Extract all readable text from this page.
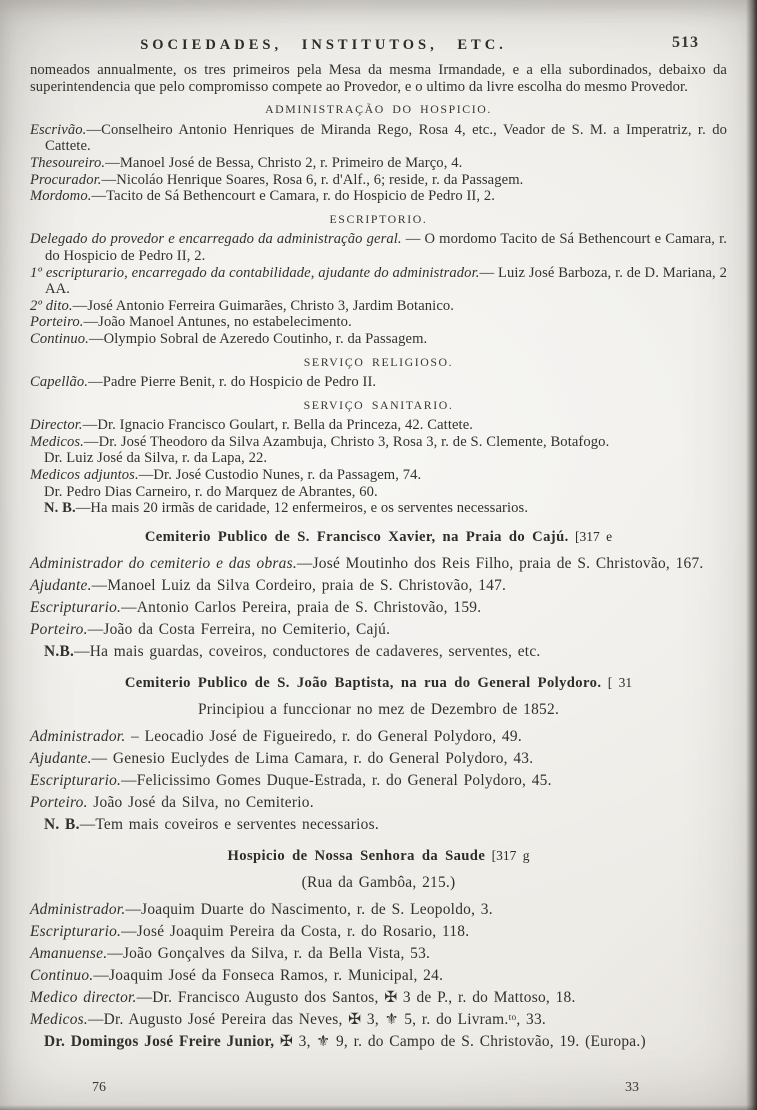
SOCIEDADES, INSTITUTOS, ETC.	513
nomeados annualmente, os tres primeiros pela Mesa da mesma Irmandade, e a ella subordinados, debaixo da superintendencia que pelo compromisso compete ao Provedor, e o ultimo da livre escolha do mesmo Provedor.
ADMINISTRAÇÃO DO HOSPICIO.
Escrivão.—Conselheiro Antonio Henriques de Miranda Rego, Rosa 4, etc., Veador de S. M. a Imperatriz, r. do Cattete.
Thesoureiro.—Manoel José de Bessa, Christo 2, r. Primeiro de Março, 4.
Procurador.—Nicoláo Henrique Soares, Rosa 6, r. d'Alf., 6; reside, r. da Passagem.
Mordomo.—Tacito de Sá Bethencourt e Camara, r. do Hospicio de Pedro II, 2.
ESCRIPTORIO.
Delegado do provedor e encarregado da administração geral. — O mordomo Tacito de Sá Bethencourt e Camara, r. do Hospicio de Pedro II, 2.
1º escripturario, encarregado da contabilidade, ajudante do administrador.— Luiz José Barboza, r. de D. Mariana, 2 AA.
2º dito.—José Antonio Ferreira Guimarães, Christo 3, Jardim Botanico.
Porteiro.—João Manoel Antunes, no estabelecimento.
Continuo.—Olympio Sobral de Azeredo Coutinho, r. da Passagem.
SERVIÇO RELIGIOSO.
Capellão.—Padre Pierre Benit, r. do Hospicio de Pedro II.
SERVIÇO SANITARIO.
Director.—Dr. Ignacio Francisco Goulart, r. Bella da Princeza, 42. Cattete.
Medicos.—Dr. José Theodoro da Silva Azambuja, Christo 3, Rosa 3, r. de S. Clemente, Botafogo.
Dr. Luiz José da Silva, r. da Lapa, 22.
Medicos adjuntos.—Dr. José Custodio Nunes, r. da Passagem, 74.
Dr. Pedro Dias Carneiro, r. do Marquez de Abrantes, 60.
N. B.—Ha mais 20 irmãs de caridade, 12 enfermeiros, e os serventes necessarios.
Cemiterio Publico de S. Francisco Xavier, na Praia do Cajú. [317 e
Administrador do cemiterio e das obras.—José Moutinho dos Reis Filho, praia de S. Christovão, 167.
Ajudante.—Manoel Luiz da Silva Cordeiro, praia de S. Christovão, 147.
Escripturario.—Antonio Carlos Pereira, praia de S. Christovão, 159.
Porteiro.—João da Costa Ferreira, no Cemiterio, Cajú.
N.B.—Ha mais guardas, coveiros, conductores de cadaveres, serventes, etc.
Cemiterio Publico de S. João Baptista, na rua do General Polydoro. [ 31
Principiou a funccionar no mez de Dezembro de 1852.
Administrador. – Leocadio José de Figueiredo, r. do General Polydoro, 49.
Ajudante.— Genesio Euclydes de Lima Camara, r. do General Polydoro, 43.
Escripturario.—Felicissimo Gomes Duque-Estrada, r. do General Polydoro, 45.
Porteiro. João José da Silva, no Cemiterio.
N. B.—Tem mais coveiros e serventes necessarios.
Hospicio de Nossa Senhora da Saude [317 g
(Rua da Gambôa, 215.)
Administrador.—Joaquim Duarte do Nascimento, r. de S. Leopoldo, 3.
Escripturario.—José Joaquim Pereira da Costa, r. do Rosario, 118.
Amanuense.—João Gonçalves da Silva, r. da Bella Vista, 53.
Continuo.—Joaquim José da Fonseca Ramos, r. Municipal, 24.
Medico director.—Dr. Francisco Augusto dos Santos, ✠ 3 de P., r. do Mattoso, 18.
Medicos.—Dr. Augusto José Pereira das Neves, ✠ 3, ⚜ 5, r. do Livram.ᵗᵒ, 33.
Dr. Domingos José Freire Junior, ✠ 3, ⚜ 9, r. do Campo de S. Christovão, 19. (Europa.)
76	33
